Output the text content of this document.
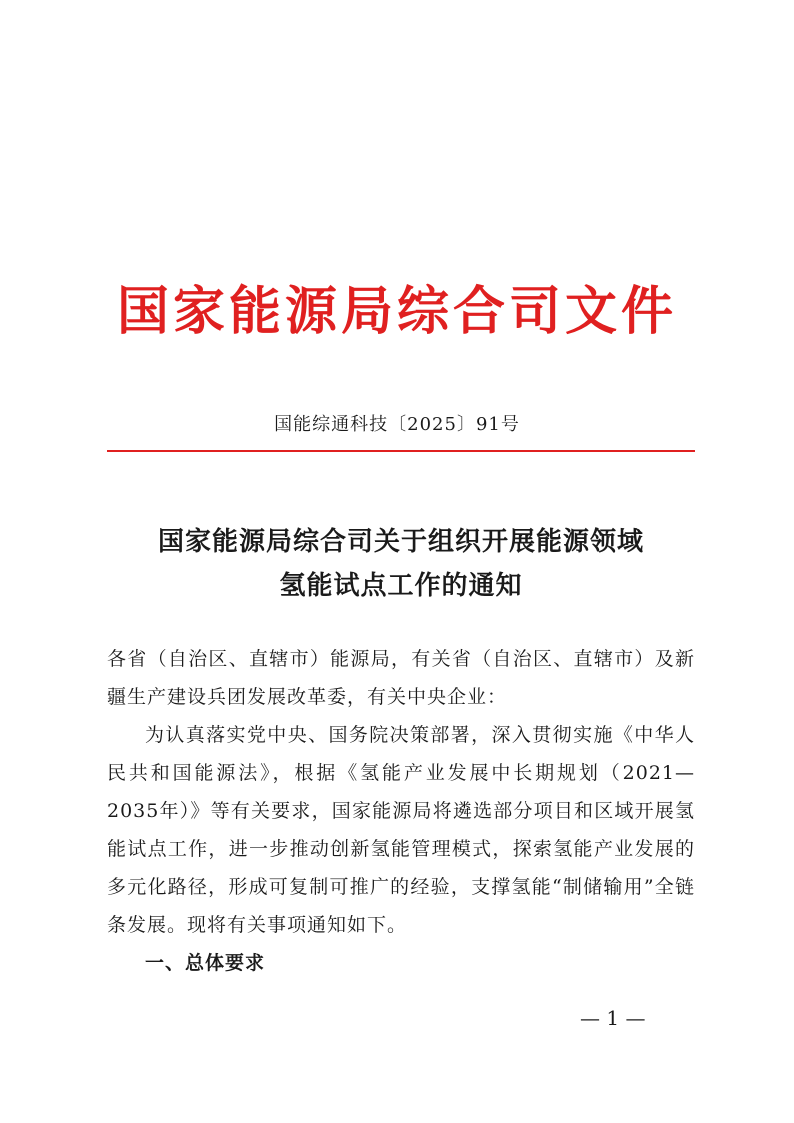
国家能源局综合司文件
国能综通科技〔2025〕91号
国家能源局综合司关于组织开展能源领域
氢能试点工作的通知
各省（自治区、直辖市）能源局，有关省（自治区、直辖市）及新疆生产建设兵团发展改革委，有关中央企业：

为认真落实党中央、国务院决策部署，深入贯彻实施《中华人民共和国能源法》，根据《氢能产业发展中长期规划（2021—2035年）》等有关要求，国家能源局将遴选部分项目和区域开展氢能试点工作，进一步推动创新氢能管理模式，探索氢能产业发展的多元化路径，形成可复制可推广的经验，支撑氢能“制储输用”全链条发展。现将有关事项通知如下。

一、总体要求
— 1 —
